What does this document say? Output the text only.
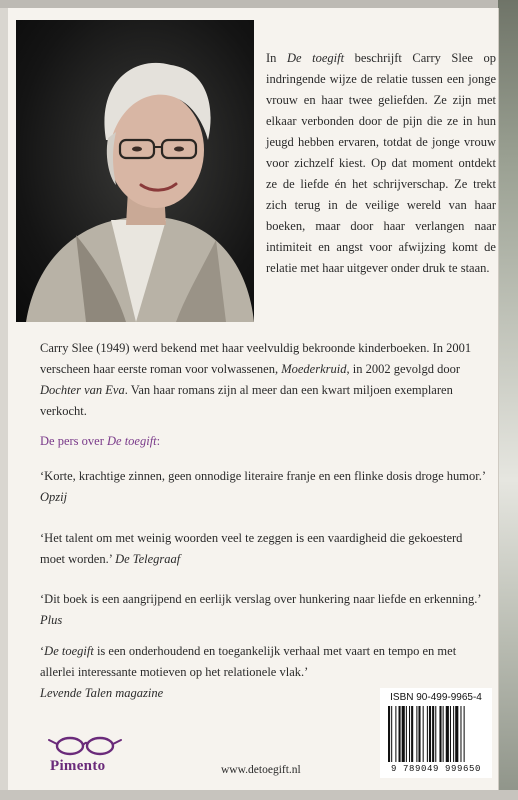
In De toegift beschrijft Carry Slee op indringende wijze de relatie tussen een jonge vrouw en haar twee geliefden. Ze zijn met elkaar verbonden door de pijn die ze in hun jeugd hebben ervaren, totdat de jonge vrouw voor zichzelf kiest. Op dat moment ontdekt ze de liefde én het schrijverschap. Ze trekt zich terug in de veilige wereld van haar boeken, maar door haar verlangen naar intimiteit en angst voor afwijzing komt de relatie met haar uitgever onder druk te staan.

Carry Slee (1949) werd bekend met haar veelvuldig bekroonde kinderboeken. In 2001 verscheen haar eerste roman voor volwassenen, Moederkruid, in 2002 gevolgd door Dochter van Eva. Van haar romans zijn al meer dan een kwart miljoen exemplaren verkocht.

De pers over De toegift:

‘Korte, krachtige zinnen, geen onnodige literaire franje en een flinke dosis droge humor.’ Opzij

‘Het talent om met weinig woorden veel te zeggen is een vaardigheid die gekoesterd moet worden.’ De Telegraaf

‘Dit boek is een aangrijpend en eerlijk verslag over hunkering naar liefde en erkenning.’ Plus

‘De toegift is een onderhoudend en toegankelijk verhaal met vaart en tempo en met allerlei interessante motieven op het relationele vlak.’
Levende Talen magazine

Pimento	www.detoegift.nl
ISBN 90-499-9965-4
9 789049 999650
